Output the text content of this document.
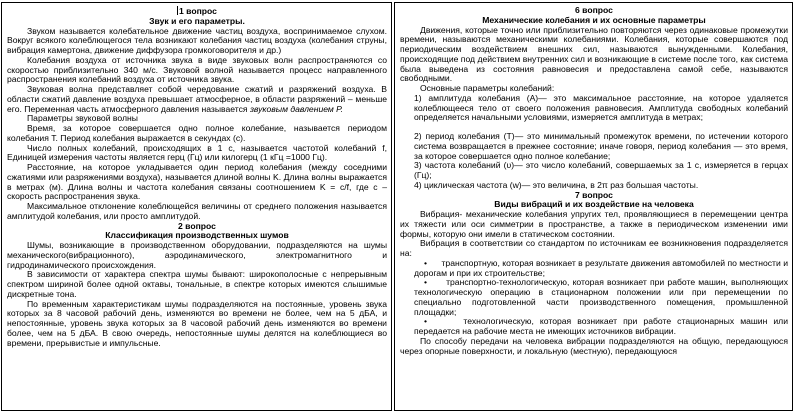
1 вопрос

Звук и его параметры.

Звуком называется колебательное движение частиц воздуха, воспринимаемое слухом. Вокруг всякого колеблющегося тела возникают колебания частиц воздуха (колебания струны, вибрация камертона, движение диффузора громкоговорителя и др.)

Колебания воздуха от источника звука в виде звуковых волн распространяются со скоростью приблизительно 340 м/с. Звуковой волной называется процесс направленного распространения колебаний воздуха от источника звука.

Звуковая волна представляет собой чередование сжатий и разряжений воздуха. В области сжатий давление воздуха превышает атмосферное, в области разряжений – меньше его. Переменная часть атмосферного давления называется звуковым давлением Р.

Параметры звуковой волны

Время, за которое совершается одно полное колебание, называется периодом колебания Т. Период колебания выражается в секундах (с).

Число полных колебаний, происходящих в 1 с, называется частотой колебаний f, Единицей измерения частоты является герц (Гц) или килогерц (1 кГц =1000 Гц).

Расстояние, на которое укладывается один период колебания (между соседними сжатиями или разряжениями воздуха), называется длиной волны K. Длина волны выражается в метрах (м). Длина волны и частота колебания связаны соотношением K = c/f, где c – скорость распространения звука.

Максимальное отклонение колеблющейся величины от среднего положения называется амплитудой колебания, или просто амплитудой.

2 вопрос

Классификация производственных шумов

Шумы, возникающие в производственном оборудовании, подразделяются на шумы механического(вибрационного), аэродинамического, электромагнитного и гидродинамического происхождения.

В зависимости от характера спектра шумы бывают: широкополосные с непрерывным спектром шириной более одной октавы, тональные, в спектре которых имеются слышимые дискретные тона.

По временным характеристикам шумы подразделяются на постоянные, уровень звука которых за 8 часовой рабочий день, изменяются во времени не более, чем на 5 дБА, и непостоянные, уровень звука которых за 8 часовой рабочий день изменяются во времени более, чем на 5 дБА. В свою очередь, непостоянные шумы делятся на колеблющиеся во времени, прерывистые и импульсные.

6 вопрос

Механические колебания и их основные параметры

Движения, которые точно или приблизительно повторяются через одинаковые промежутки времени, называются механическими колебаниями. Колебания, которые совершаются под периодическим воздействием внешних сил, называются вынужденными. Колебания, происходящие под действием внутренних сил и возникающие в системе после того, как система была выведена из состояния равновесия и предоставлена самой себе, называются свободными.

Основные параметры колебаний:

1) амплитуда колебания (А)— это максимальное расстояние, на которое удаляется колеблющееся тело от своего положения равновесия. Амплитуда свободных колебаний определяется начальными условиями, измеряется амплитуда в метрах;

2) период колебания (Т)— это минимальный промежуток времени, по истечении которого система возвращается в прежнее состояние; иначе говоря, период колебания — это время, за которое совершается одно полное колебание;

3) частота колебаний (υ)— это число колебаний, совершаемых за 1 с, измеряется в герцах (Гц);

4) циклическая частота (w)— это величина, в 2π раз большая частоты.

7 вопрос

Виды вибраций и их воздействие на человека

Вибрация- механические колебания упругих тел, проявляющиеся в перемещении центра их тяжести или оси симметрии в пространстве, а также в периодическом изменении ими формы, которую они имели в статическом состоянии.

Вибрация в соответствии со стандартом по источникам ее возникновения подразделяется на:

•      транспортную, которая возникает в результате движения автомобилей по местности и дорогам и при их строительстве;

•      транспортно-технологическую, которая возникает при работе машин, выполняющих технологическую операцию в стационарном положении или при перемещении по специально подготовленной части производственного помещения, промышленной площадки;

•      технологическую, которая возникает при работе стационарных машин или передается на рабочие места не имеющих источников вибрации.

По способу передачи на человека вибрации подразделяются на общую, передающуюся через опорные поверхности, и локальную (местную), передающуюся
